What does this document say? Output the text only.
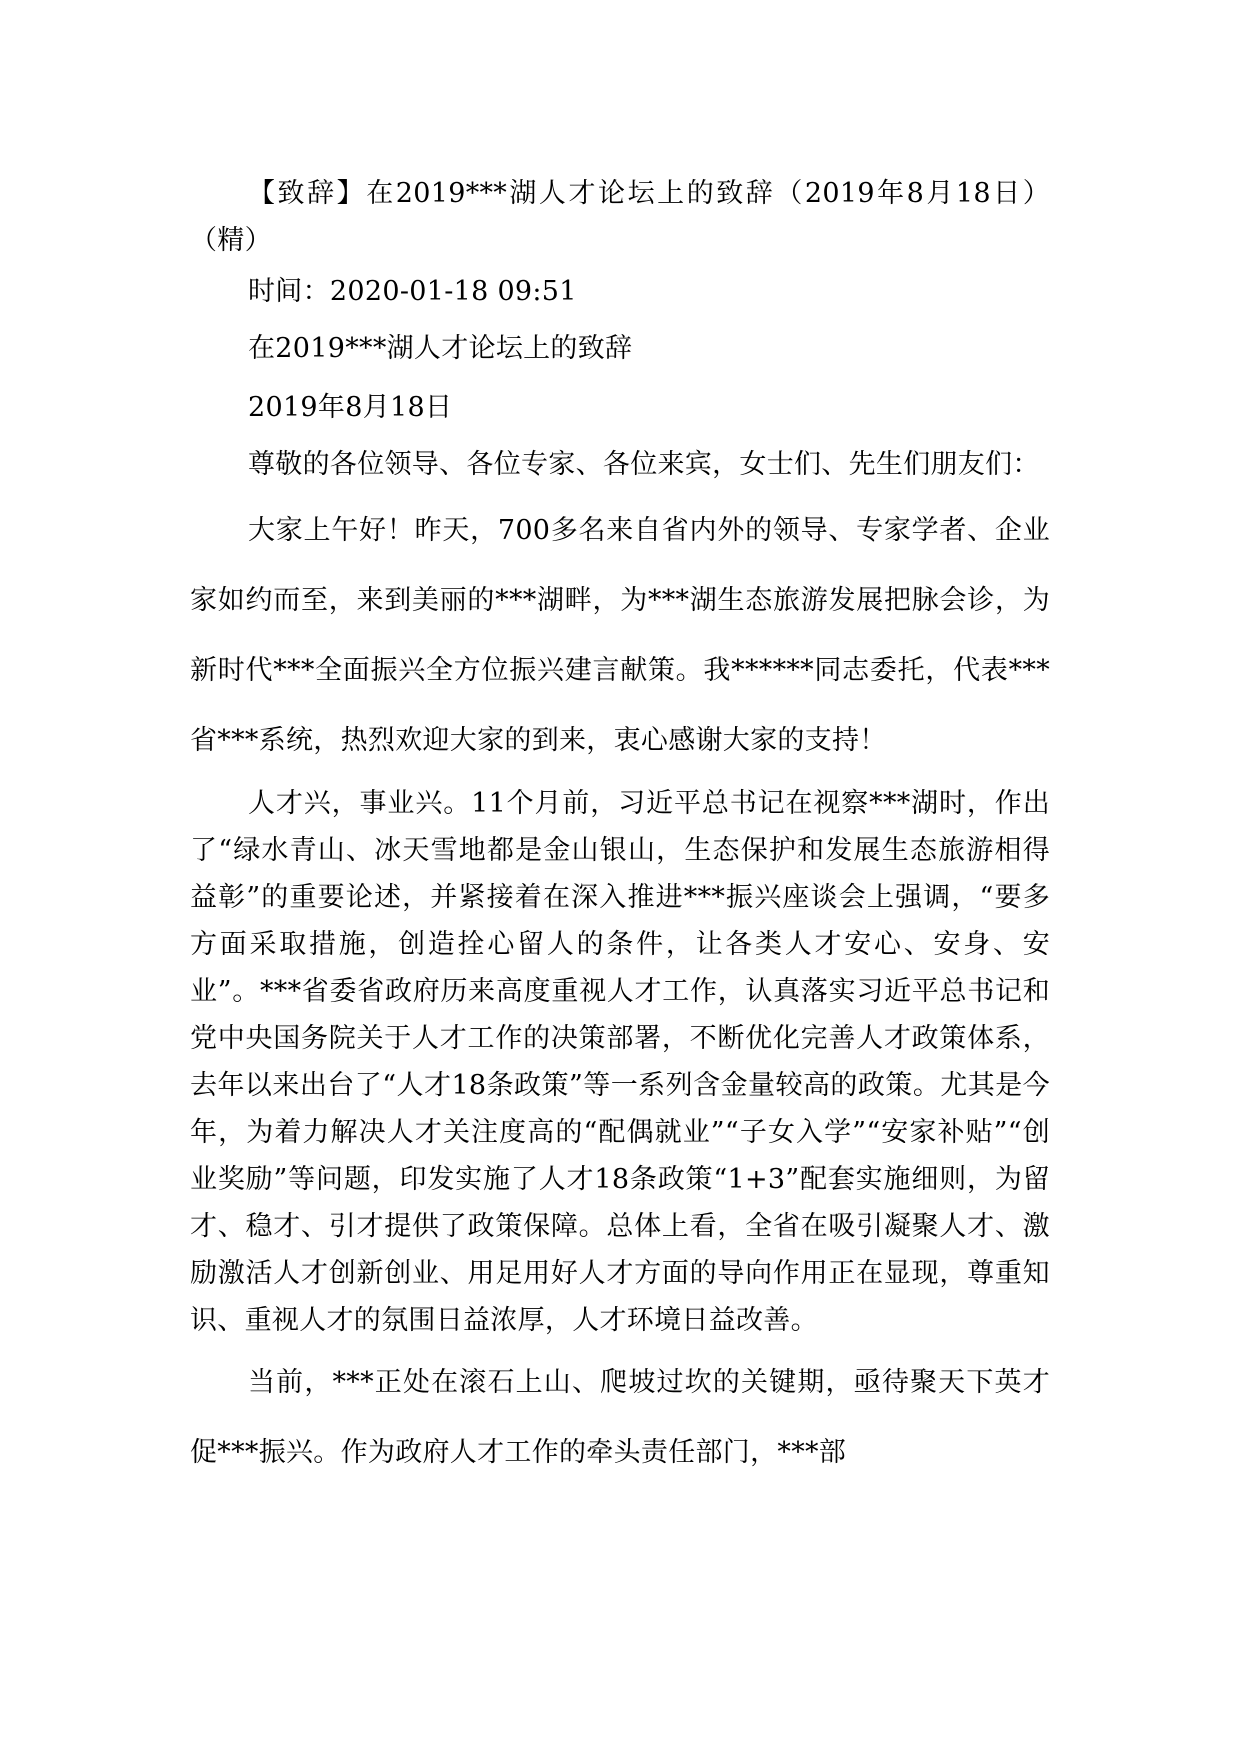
【致辞】在2019***湖人才论坛上的致辞（2019年8月18日）（精）

时间：2020-01-18 09:51

在2019***湖人才论坛上的致辞

2019年8月18日

尊敬的各位领导、各位专家、各位来宾，女士们、先生们朋友们：

大家上午好！昨天，700多名来自省内外的领导、专家学者、企业家如约而至，来到美丽的***湖畔，为***湖生态旅游发展把脉会诊，为新时代***全面振兴全方位振兴建言献策。我******同志委托，代表***省***系统，热烈欢迎大家的到来，衷心感谢大家的支持！

人才兴，事业兴。11个月前，习近平总书记在视察***湖时，作出了“绿水青山、冰天雪地都是金山银山，生态保护和发展生态旅游相得益彰”的重要论述，并紧接着在深入推进***振兴座谈会上强调，“要多方面采取措施，创造拴心留人的条件，让各类人才安心、安身、安业”。***省委省政府历来高度重视人才工作，认真落实习近平总书记和党中央国务院关于人才工作的决策部署，不断优化完善人才政策体系，去年以来出台了“人才18条政策”等一系列含金量较高的政策。尤其是今年，为着力解决人才关注度高的“配偶就业”“子女入学”“安家补贴”“创业奖励”等问题，印发实施了人才18条政策“1+3”配套实施细则，为留才、稳才、引才提供了政策保障。总体上看，全省在吸引凝聚人才、激励激活人才创新创业、用足用好人才方面的导向作用正在显现，尊重知识、重视人才的氛围日益浓厚，人才环境日益改善。

当前，***正处在滚石上山、爬坡过坎的关键期，亟待聚天下英才促***振兴。作为政府人才工作的牵头责任部门，***部
